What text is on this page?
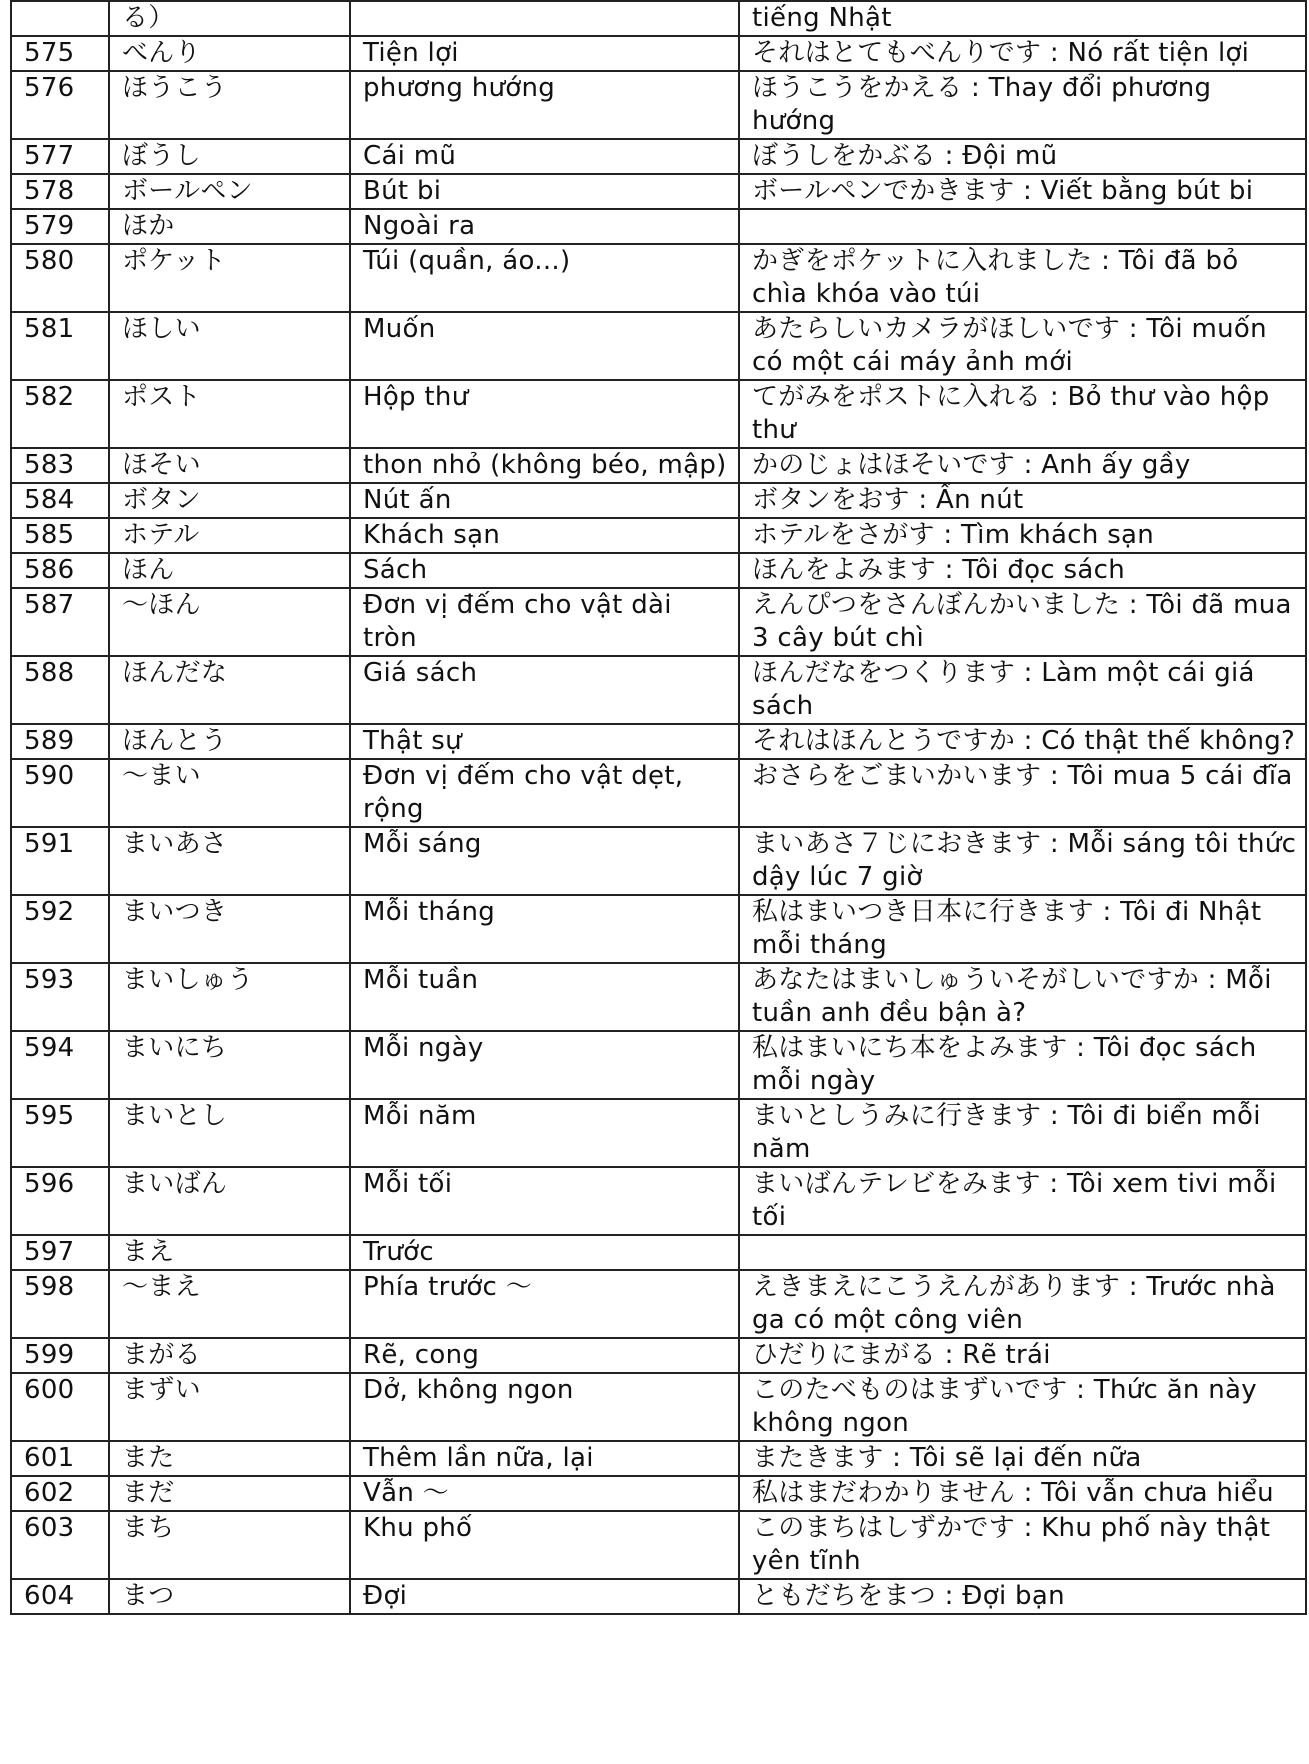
	る）		tiếng Nhật
575	べんり	Tiện lợi	それはとてもべんりです : Nó rất tiện lợi
576	ほうこう	phương hướng	ほうこうをかえる : Thay đổi phương hướng
577	ぼうし	Cái mũ	ぼうしをかぶる : Đội mũ
578	ボールペン	Bút bi	ボールペンでかきます : Viết bằng bút bi
579	ほか	Ngoài ra	
580	ポケット	Túi (quần, áo...)	かぎをポケットに入れました : Tôi đã bỏ chìa khóa vào túi
581	ほしい	Muốn	あたらしいカメラがほしいです : Tôi muốn có một cái máy ảnh mới
582	ポスト	Hộp thư	てがみをポストに入れる : Bỏ thư vào hộp thư
583	ほそい	thon nhỏ (không béo, mập)	かのじょはほそいです : Anh ấy gầy
584	ボタン	Nút ấn	ボタンをおす : Ấn nút
585	ホテル	Khách sạn	ホテルをさがす : Tìm khách sạn
586	ほん	Sách	ほんをよみます : Tôi đọc sách
587	～ほん	Đơn vị đếm cho vật dài tròn	えんぴつをさんぼんかいました : Tôi đã mua 3 cây bút chì
588	ほんだな	Giá sách	ほんだなをつくります : Làm một cái giá sách
589	ほんとう	Thật sự	それはほんとうですか : Có thật thế không?
590	～まい	Đơn vị đếm cho vật dẹt, rộng	おさらをごまいかいます : Tôi mua 5 cái đĩa
591	まいあさ	Mỗi sáng	まいあさ７じにおきます : Mỗi sáng tôi thức dậy lúc 7 giờ
592	まいつき	Mỗi tháng	私はまいつき日本に行きます : Tôi đi Nhật mỗi tháng
593	まいしゅう	Mỗi tuần	あなたはまいしゅういそがしいですか : Mỗi tuần anh đều bận à?
594	まいにち	Mỗi ngày	私はまいにち本をよみます : Tôi đọc sách mỗi ngày
595	まいとし	Mỗi năm	まいとしうみに行きます : Tôi đi biển mỗi năm
596	まいばん	Mỗi tối	まいばんテレビをみます : Tôi xem tivi mỗi tối
597	まえ	Trước	
598	～まえ	Phía trước ～	えきまえにこうえんがあります : Trước nhà ga có một công viên
599	まがる	Rẽ, cong	ひだりにまがる : Rẽ trái
600	まずい	Dở, không ngon	このたべものはまずいです : Thức ăn này không ngon
601	また	Thêm lần nữa, lại	またきます : Tôi sẽ lại đến nữa
602	まだ	Vẫn ～	私はまだわかりません : Tôi vẫn chưa hiểu
603	まち	Khu phố	このまちはしずかです : Khu phố này thật yên tĩnh
604	まつ	Đợi	ともだちをまつ : Đợi bạn
